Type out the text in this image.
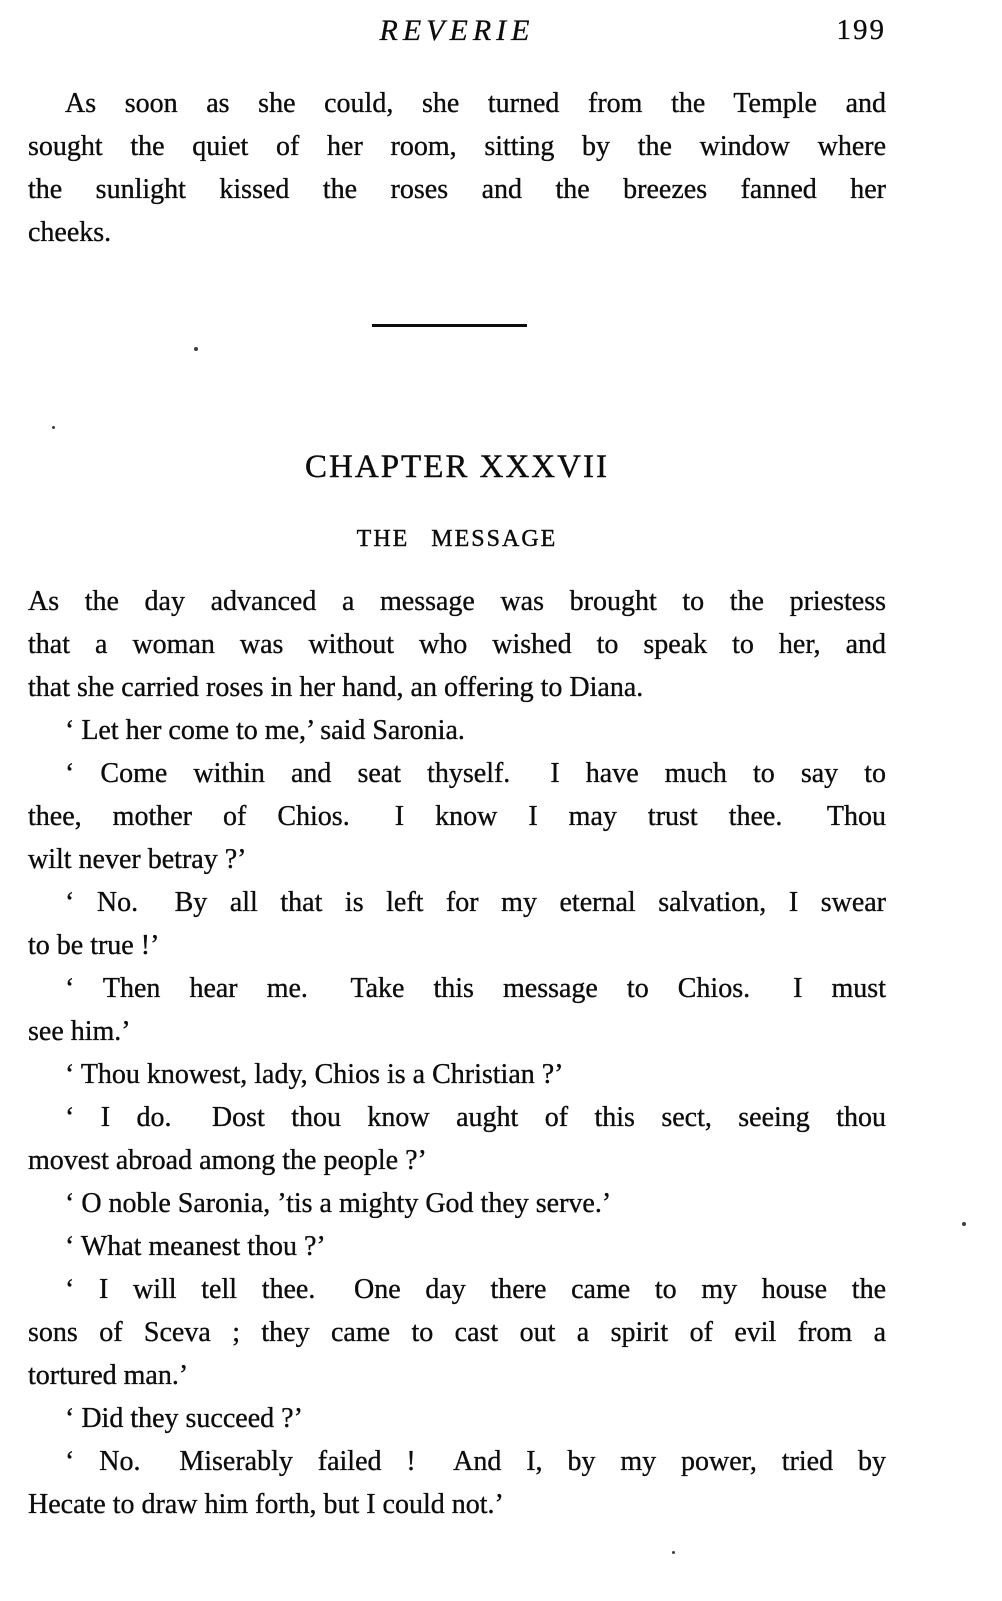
REVERIE	199
As soon as she could, she turned from the Temple and
sought the quiet of her room, sitting by the window where
the sunlight kissed the roses and the breezes fanned her
cheeks.
CHAPTER XXXVII
THE MESSAGE
As the day advanced a message was brought to the priestess
that a woman was without who wished to speak to her, and
that she carried roses in her hand, an offering to Diana.
‘ Let her come to me,’ said Saronia.
‘ Come within and seat thyself.  I have much to say to
thee, mother of Chios.  I know I may trust thee.  Thou
wilt never betray ?’
‘ No.  By all that is left for my eternal salvation, I swear
to be true !’
‘ Then hear me.  Take this message to Chios.  I must
see him.’
‘ Thou knowest, lady, Chios is a Christian ?’
‘ I do.  Dost thou know aught of this sect, seeing thou
movest abroad among the people ?’
‘ O noble Saronia, ’tis a mighty God they serve.’
‘ What meanest thou ?’
‘ I will tell thee.  One day there came to my house the
sons of Sceva ; they came to cast out a spirit of evil from a
tortured man.’
‘ Did they succeed ?’
‘ No.  Miserably failed !  And I, by my power, tried by
Hecate to draw him forth, but I could not.’
